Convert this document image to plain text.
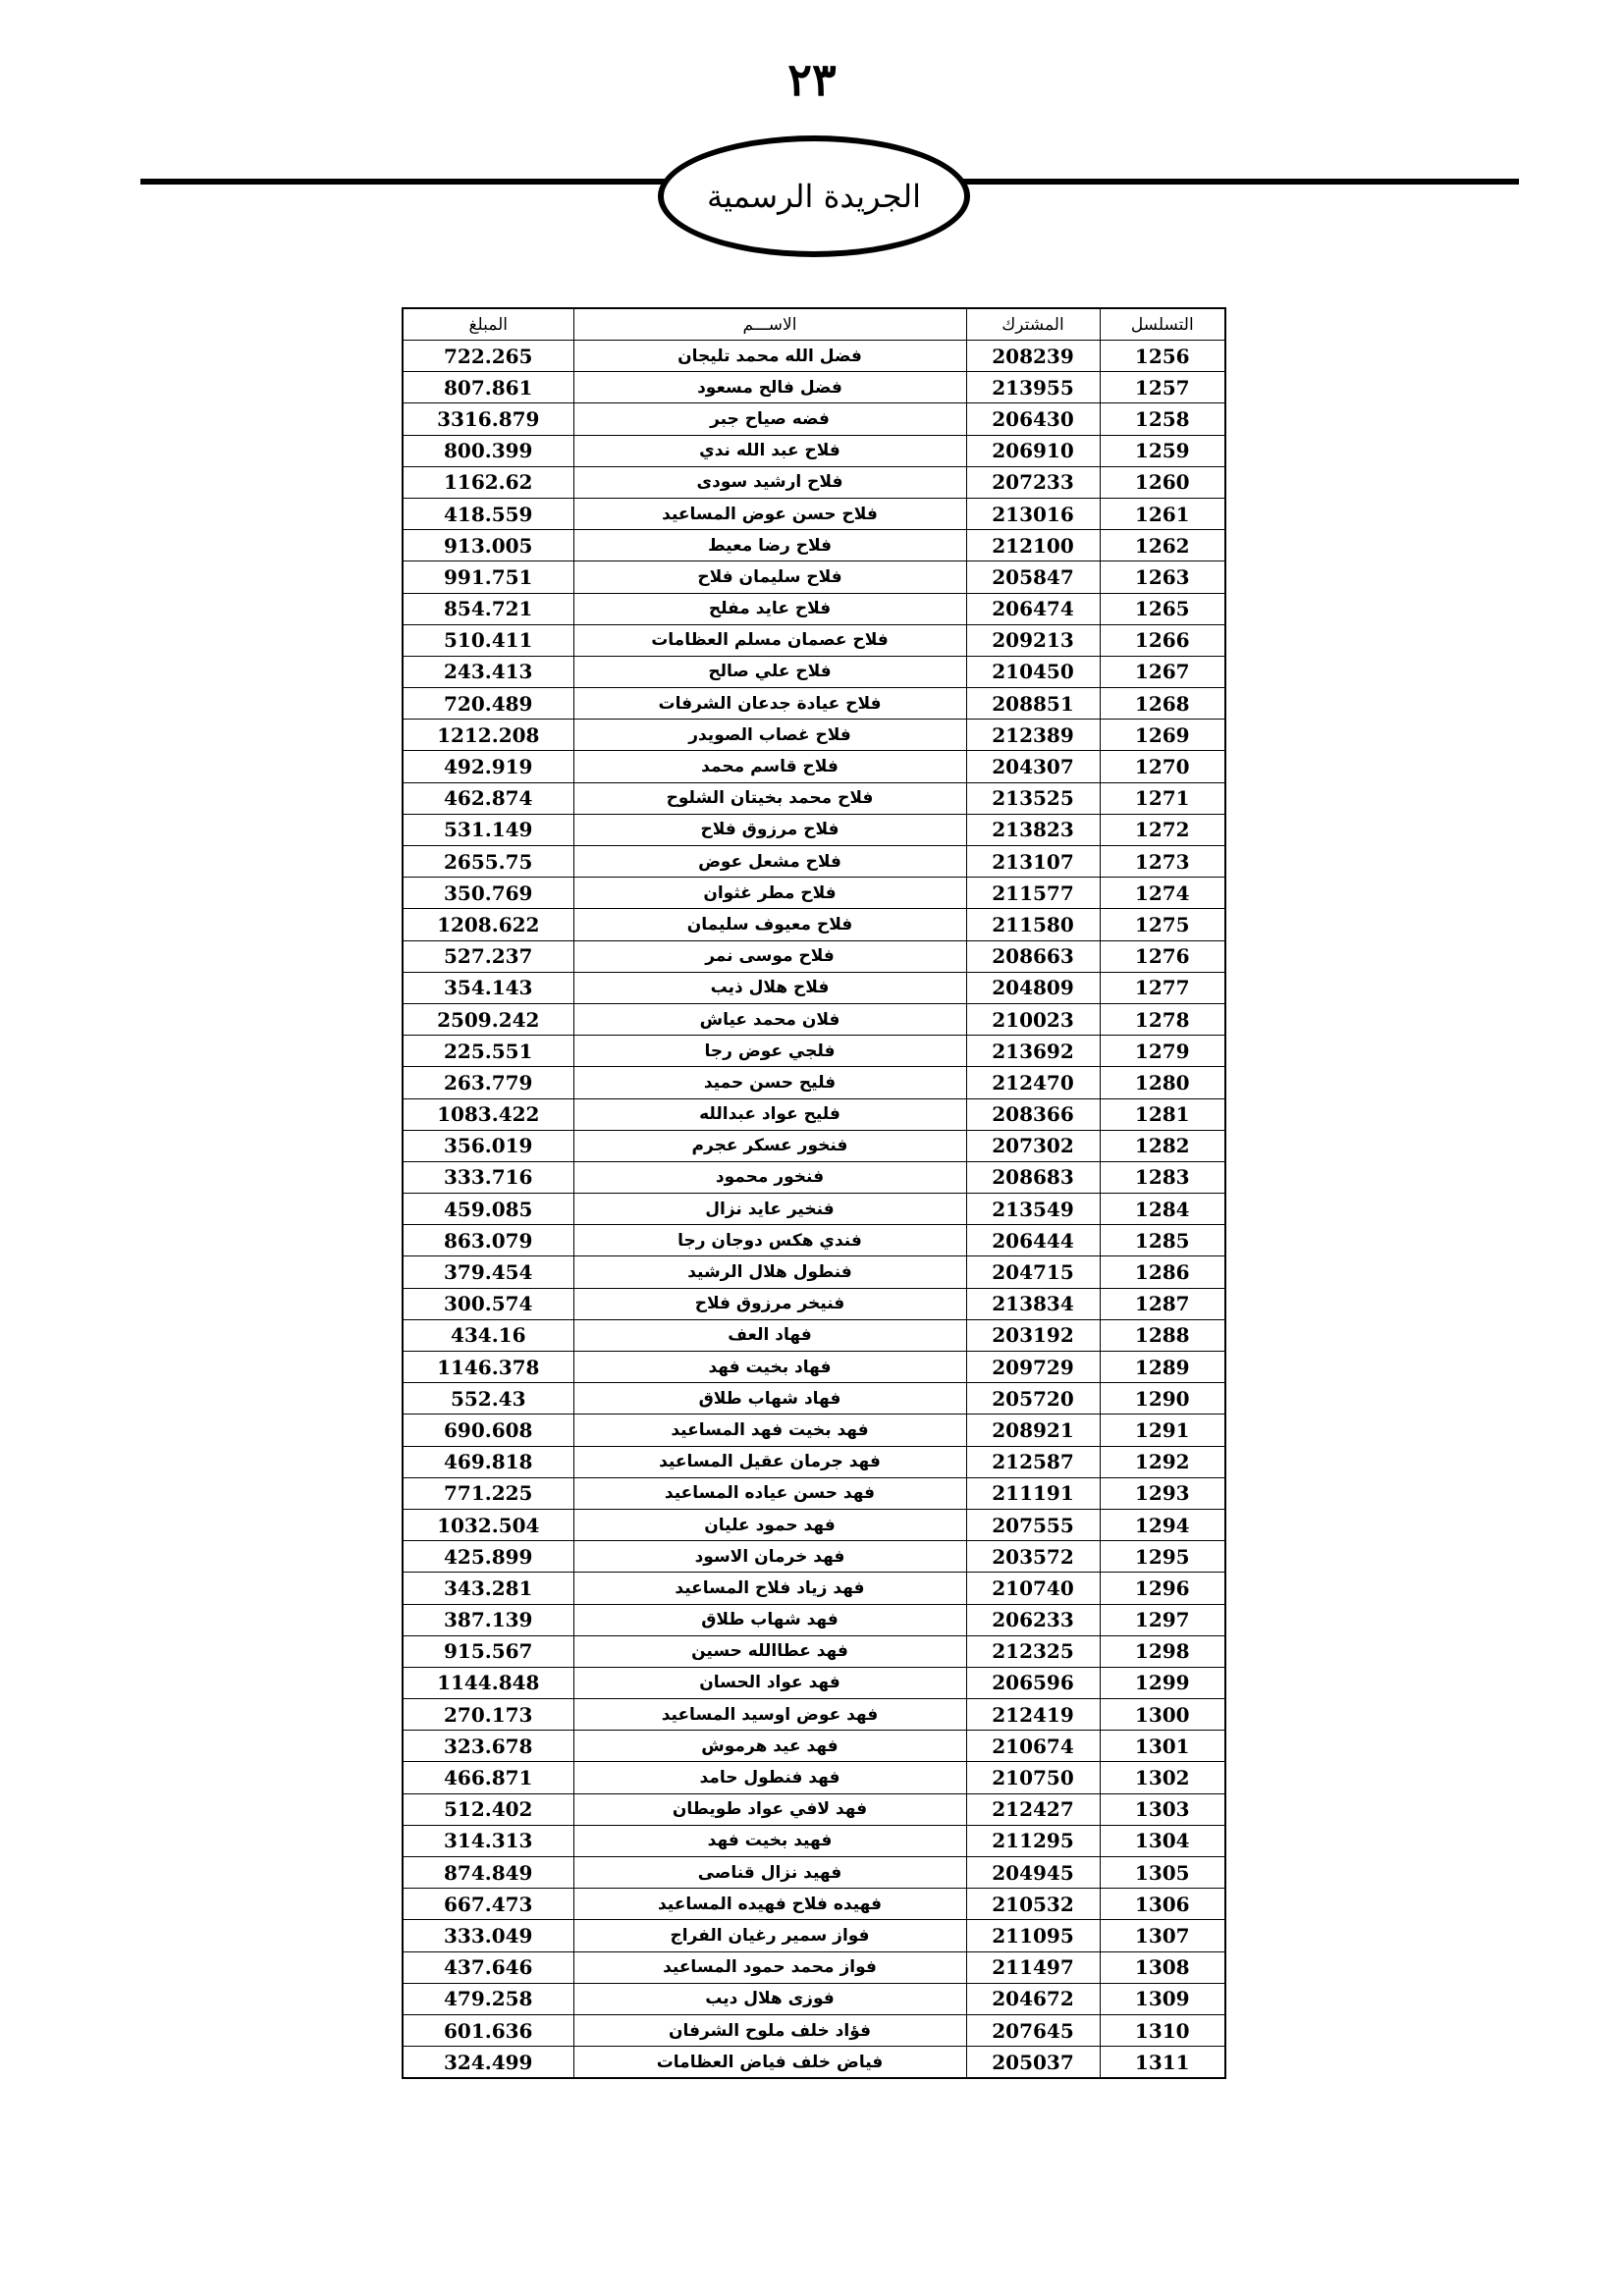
٢٣
الجريدة الرسمية
التسلسل	المشترك	الاســـم	المبلغ
1256	208239	فضل الله محمد تليجان	722.265
1257	213955	فضل فالح مسعود	807.861
1258	206430	فضه صياح جبر	3316.879
1259	206910	فلاح عبد الله ندي	800.399
1260	207233	فلاح ارشيد سودى	1162.62
1261	213016	فلاح حسن عوض المساعيد	418.559
1262	212100	فلاح رضا معيط	913.005
1263	205847	فلاح سليمان فلاح	991.751
1265	206474	فلاح عايد مفلح	854.721
1266	209213	فلاح عصمان مسلم العظامات	510.411
1267	210450	فلاح علي صالح	243.413
1268	208851	فلاح عيادة جدعان الشرفات	720.489
1269	212389	فلاح غصاب الصويدر	1212.208
1270	204307	فلاح قاسم محمد	492.919
1271	213525	فلاح محمد بخيتان الشلوح	462.874
1272	213823	فلاح مرزوق فلاح	531.149
1273	213107	فلاح مشعل عوض	2655.75
1274	211577	فلاح مطر غثوان	350.769
1275	211580	فلاح معيوف سليمان	1208.622
1276	208663	فلاح موسى نمر	527.237
1277	204809	فلاح هلال ذيب	354.143
1278	210023	فلان محمد عياش	2509.242
1279	213692	فلجي عوض رجا	225.551
1280	212470	فليح حسن حميد	263.779
1281	208366	فليح عواد عبدالله	1083.422
1282	207302	فنخور عسكر عجرم	356.019
1283	208683	فنخور محمود	333.716
1284	213549	فنخير عايد نزال	459.085
1285	206444	فندي هكس دوجان رجا	863.079
1286	204715	فنطول هلال الرشيد	379.454
1287	213834	فنيخر مرزوق فلاح	300.574
1288	203192	فهاد العف	434.16
1289	209729	فهاد بخيت فهد	1146.378
1290	205720	فهاد شهاب طلاق	552.43
1291	208921	فهد بخيت فهد المساعيد	690.608
1292	212587	فهد جرمان عقيل المساعيد	469.818
1293	211191	فهد حسن عياده المساعيد	771.225
1294	207555	فهد حمود عليان	1032.504
1295	203572	فهد خرمان الاسود	425.899
1296	210740	فهد زياد فلاح المساعيد	343.281
1297	206233	فهد شهاب طلاق	387.139
1298	212325	فهد عطاالله حسين	915.567
1299	206596	فهد عواد الحسان	1144.848
1300	212419	فهد عوض اوسيد المساعيد	270.173
1301	210674	فهد عيد هرموش	323.678
1302	210750	فهد فنطول حامد	466.871
1303	212427	فهد لافي عواد طويطان	512.402
1304	211295	فهيد بخيت فهد	314.313
1305	204945	فهيد نزال قناصى	874.849
1306	210532	فهيده فلاح فهيده المساعيد	667.473
1307	211095	فواز سمير رغيان الفراج	333.049
1308	211497	فواز محمد حمود المساعيد	437.646
1309	204672	فوزى هلال ديب	479.258
1310	207645	فؤاد خلف ملوح الشرفان	601.636
1311	205037	فياض خلف فياض العظامات	324.499
